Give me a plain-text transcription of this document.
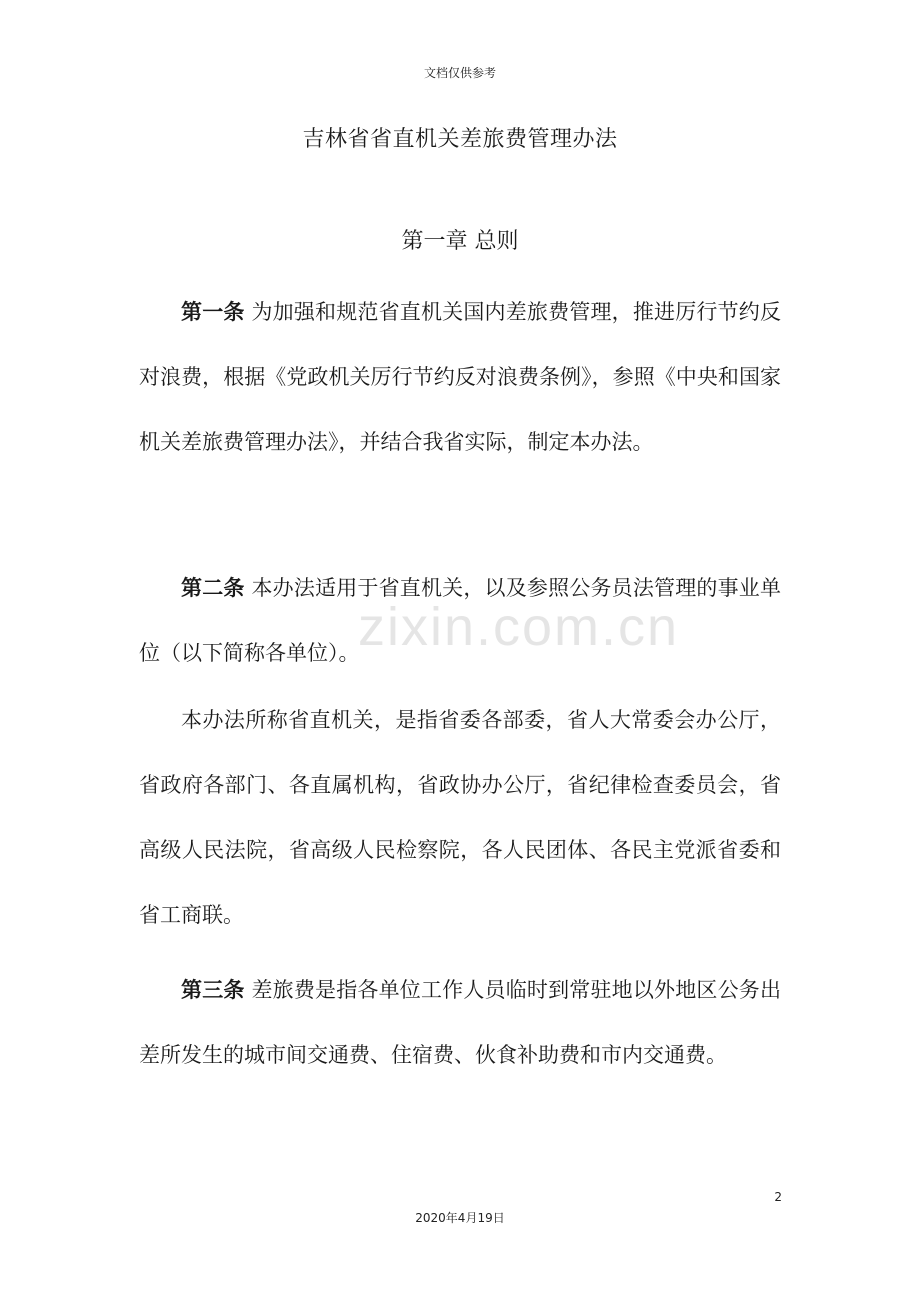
文档仅供参考
吉林省省直机关差旅费管理办法
第一章 总则

第一条 为加强和规范省直机关国内差旅费管理，推进厉行节约反对浪费，根据《党政机关厉行节约反对浪费条例》，参照《中央和国家机关差旅费管理办法》，并结合我省实际，制定本办法。

第二条 本办法适用于省直机关，以及参照公务员法管理的事业单位（以下简称各单位）。

本办法所称省直机关，是指省委各部委，省人大常委会办公厅，省政府各部门、各直属机构，省政协办公厅，省纪律检查委员会，省高级人民法院，省高级人民检察院，各人民团体、各民主党派省委和省工商联。

第三条 差旅费是指各单位工作人员临时到常驻地以外地区公务出差所发生的城市间交通费、住宿费、伙食补助费和市内交通费。

zixin.com.cn
2
2020年4月19日
